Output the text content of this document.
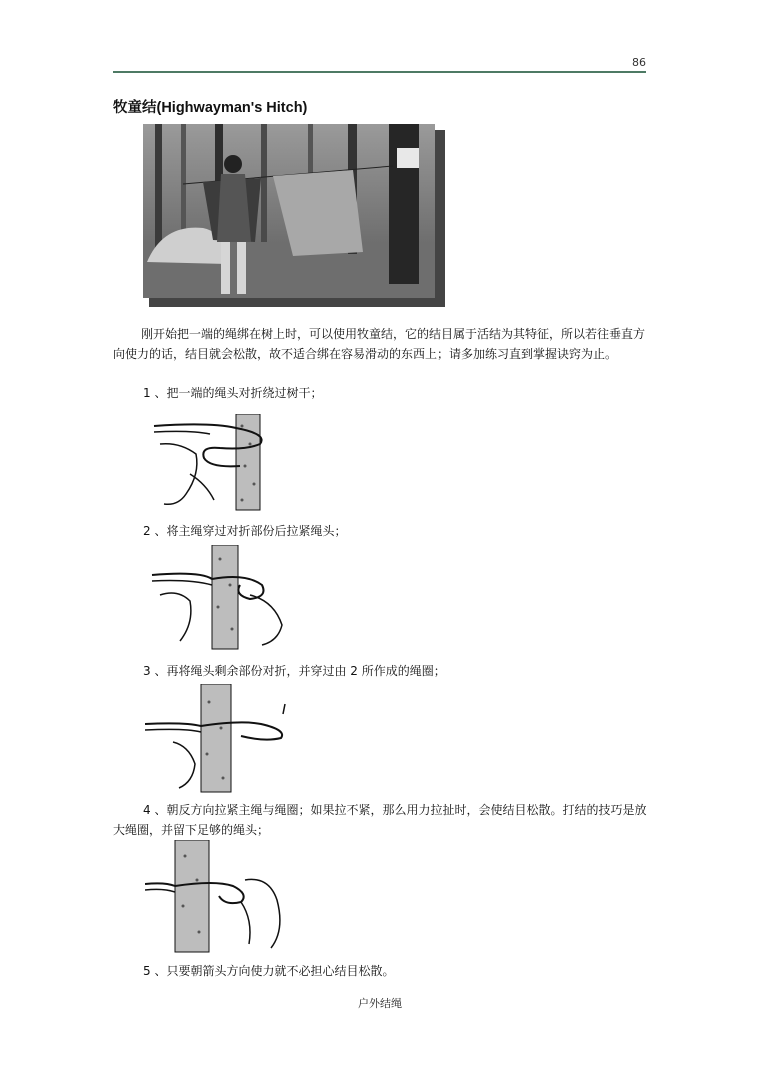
86
牧童结(Highwayman's Hitch)
刚开始把一端的绳绑在树上时，可以使用牧童结，它的结目属于活结为其特征，所以若往垂直方向使力的话，结目就会松散，故不适合绑在容易滑动的东西上；请多加练习直到掌握诀窍为止。
1 、把一端的绳头对折绕过树干；
2 、将主绳穿过对折部份后拉紧绳头；
3 、再将绳头剩余部份对折，并穿过由 2 所作成的绳圈；
4 、朝反方向拉紧主绳与绳圈；如果拉不紧，那么用力拉扯时，会使结目松散。打结的技巧是放大绳圈，并留下足够的绳头；
5 、只要朝箭头方向使力就不必担心结目松散。
户外结绳
